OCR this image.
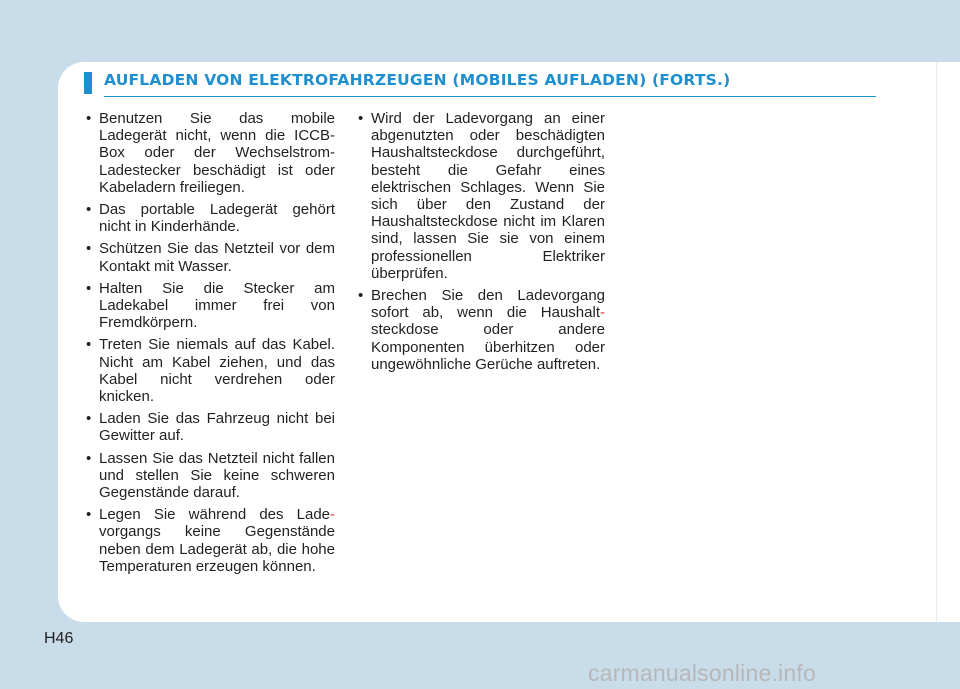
AUFLADEN VON ELEKTROFAHRZEUGEN (MOBILES AUFLADEN) (FORTS.)
• Benutzen Sie das mobile Ladegerät nicht, wenn die ICCB-Box oder der Wechselstrom-Ladestecker beschädigt ist oder Kabeladern freiliegen.
• Das portable Ladegerät gehört nicht in Kinderhände.
• Schützen Sie das Netzteil vor dem Kontakt mit Wasser.
• Halten Sie die Stecker am Ladekabel immer frei von Fremdkörpern.
• Treten Sie niemals auf das Kabel. Nicht am Kabel ziehen, und das Kabel nicht verdrehen oder knicken.
• Laden Sie das Fahrzeug nicht bei Gewitter auf.
• Lassen Sie das Netzteil nicht fallen und stellen Sie keine schweren Gegenstände darauf.
• Legen Sie während des Lade- vorgangs keine Gegenstände neben dem Ladegerät ab, die hohe Temperaturen erzeugen können.
• Wird der Ladevorgang an einer abgenutzten oder beschädigten Haushaltsteckdose durchgeführt, besteht die Gefahr eines elektrischen Schlages. Wenn Sie sich über den Zustand der Haushaltsteckdose nicht im Klaren sind, lassen Sie sie von einem professionellen Elektriker überprüfen.
• Brechen Sie den Ladevorgang sofort ab, wenn die Haushalt- steckdose oder andere Komponenten überhitzen oder ungewöhnliche Gerüche auftreten.
H46
carmanualsonline.info
